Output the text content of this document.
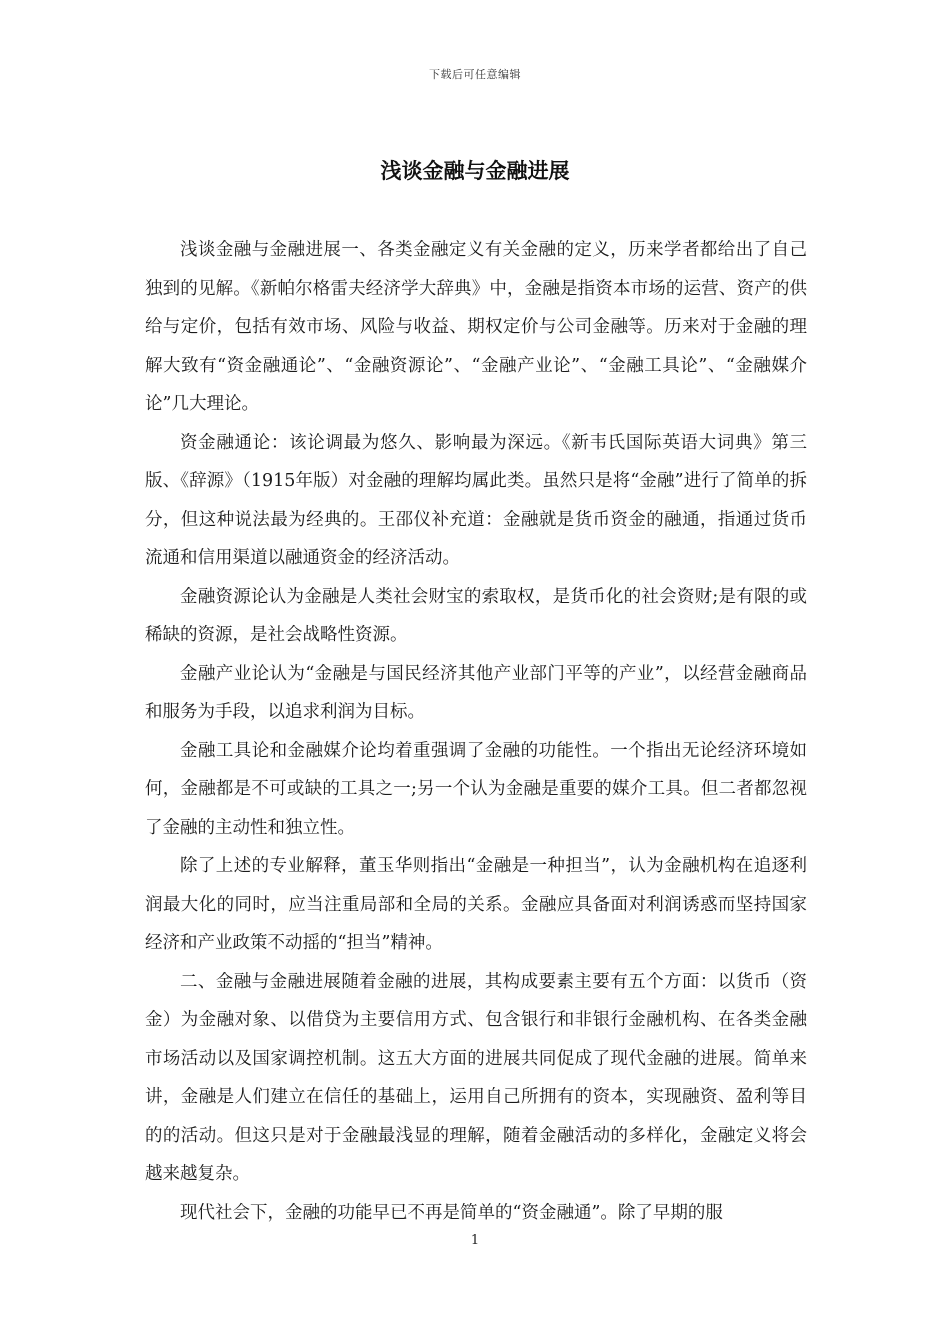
下载后可任意编辑
浅谈金融与金融进展

浅谈金融与金融进展一、各类金融定义有关金融的定义，历来学者都给出了自己独到的见解。《新帕尔格雷夫经济学大辞典》中，金融是指资本市场的运营、资产的供给与定价，包括有效市场、风险与收益、期权定价与公司金融等。历来对于金融的理解大致有“资金融通论”、“金融资源论”、“金融产业论”、“金融工具论”、“金融媒介论”几大理论。

资金融通论：该论调最为悠久、影响最为深远。《新韦氏国际英语大词典》第三版、《辞源》（1915年版）对金融的理解均属此类。虽然只是将“金融”进行了简单的拆分，但这种说法最为经典的。王邵仪补充道：金融就是货币资金的融通，指通过货币流通和信用渠道以融通资金的经济活动。

金融资源论认为金融是人类社会财宝的索取权，是货币化的社会资财;是有限的或稀缺的资源，是社会战略性资源。

金融产业论认为“金融是与国民经济其他产业部门平等的产业”，以经营金融商品和服务为手段，以追求利润为目标。

金融工具论和金融媒介论均着重强调了金融的功能性。一个指出无论经济环境如何，金融都是不可或缺的工具之一;另一个认为金融是重要的媒介工具。但二者都忽视了金融的主动性和独立性。

除了上述的专业解释，董玉华则指出“金融是一种担当”，认为金融机构在追逐利润最大化的同时，应当注重局部和全局的关系。金融应具备面对利润诱惑而坚持国家经济和产业政策不动摇的“担当”精神。

二、金融与金融进展随着金融的进展，其构成要素主要有五个方面：以货币（资金）为金融对象、以借贷为主要信用方式、包含银行和非银行金融机构、在各类金融市场活动以及国家调控机制。这五大方面的进展共同促成了现代金融的进展。简单来讲，金融是人们建立在信任的基础上，运用自己所拥有的资本，实现融资、盈利等目的的活动。但这只是对于金融最浅显的理解，随着金融活动的多样化，金融定义将会越来越复杂。

现代社会下，金融的功能早已不再是简单的“资金融通”。除了早期的服

1
